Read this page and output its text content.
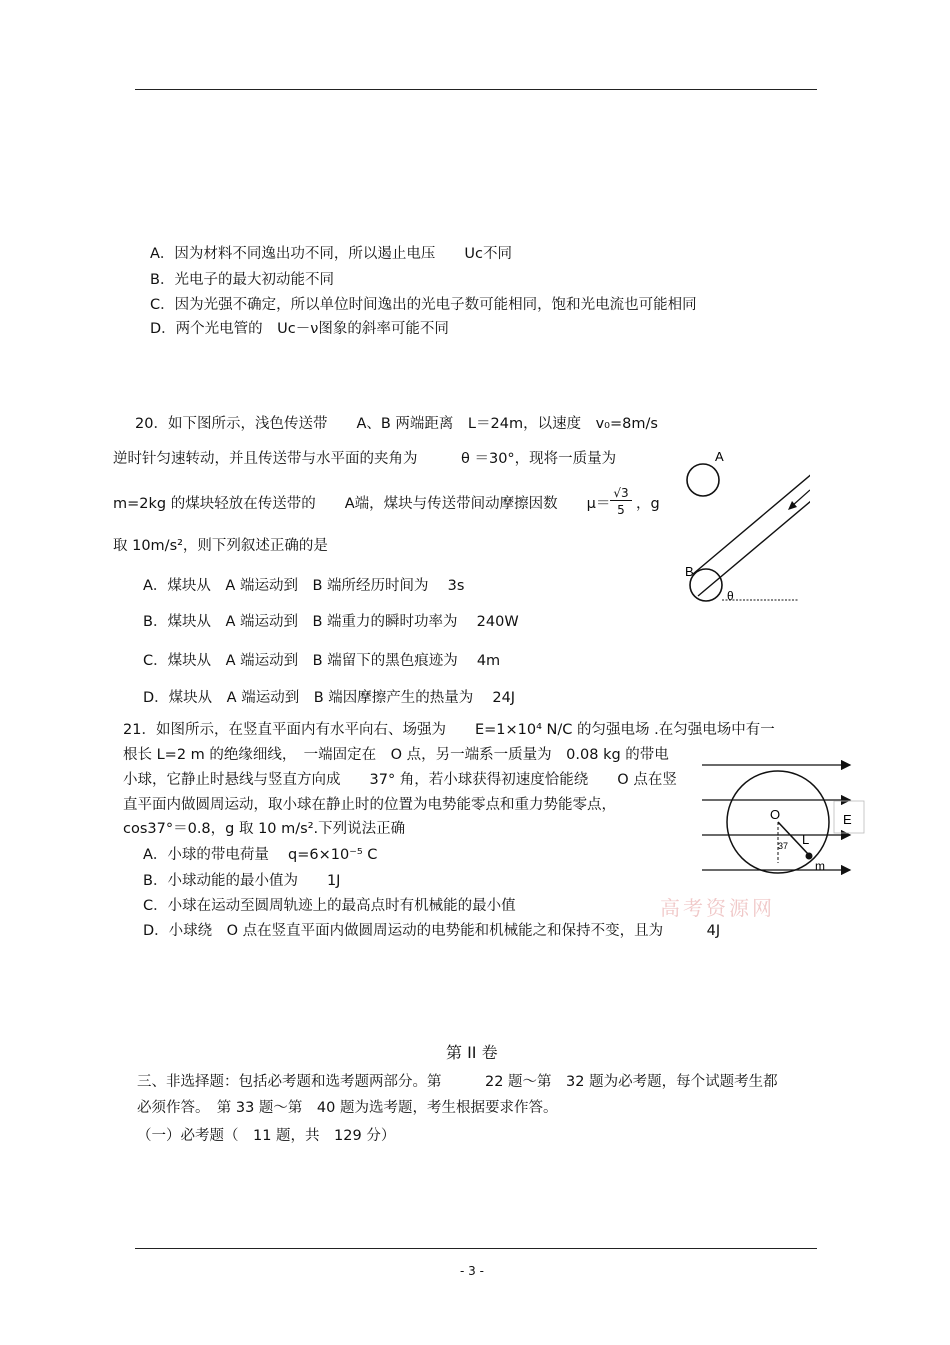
A．因为材料不同逸出功不同，所以遏止电压　　Uc不同
B．光电子的最大初动能不同
C．因为光强不确定，所以单位时间逸出的光电子数可能相同，饱和光电流也可能相同
D．两个光电管的　Uc－ν图象的斜率可能不同
20．如下图所示，浅色传送带　　A、B 两端距离　L＝24m，以速度　v₀=8m/s
逆时针匀速转动，并且传送带与水平面的夹角为　　　θ ＝30°，现将一质量为
m=2kg 的煤块轻放在传送带的　　A端，煤块与传送带间动摩擦因数　　μ＝
√3
5 ，g
取 10m/s²，则下列叙述正确的是
A．煤块从　A 端运动到　B 端所经历时间为　 3s
B．煤块从　A 端运动到　B 端重力的瞬时功率为　 240W
C．煤块从　A 端运动到　B 端留下的黑色痕迹为　 4m
D．煤块从　A 端运动到　B 端因摩擦产生的热量为　 24J
A
B
θ
21．如图所示，在竖直平面内有水平向右、场强为　　E=1×10⁴ N/C 的匀强电场 .在匀强电场中有一
根长 L=2 m 的绝缘细线，　一端固定在　O 点，另一端系一质量为　0.08 kg 的带电
小球，它静止时悬线与竖直方向成　　37° 角，若小球获得初速度恰能绕　　O 点在竖
直平面内做圆周运动，取小球在静止时的位置为电势能零点和重力势能零点，
cos37°＝0.8，g 取 10 m/s².下列说法正确
A．小球的带电荷量　 q=6×10⁻⁵ C
B．小球动能的最小值为　　1J
C．小球在运动至圆周轨迹上的最高点时有机械能的最小值
D．小球绕　O 点在竖直平面内做圆周运动的电势能和机械能之和保持不变，且为　　　4J
O
L
E
m
37
高考资源网
第 II 卷
三、非选择题：包括必考题和选考题两部分。第　　　22 题～第　32 题为必考题，每个试题考生都
必须作答。　第 33 题～第　40 题为选考题，考生根据要求作答。
（一）必考题（　11 题，共　129 分）
- 3 -
